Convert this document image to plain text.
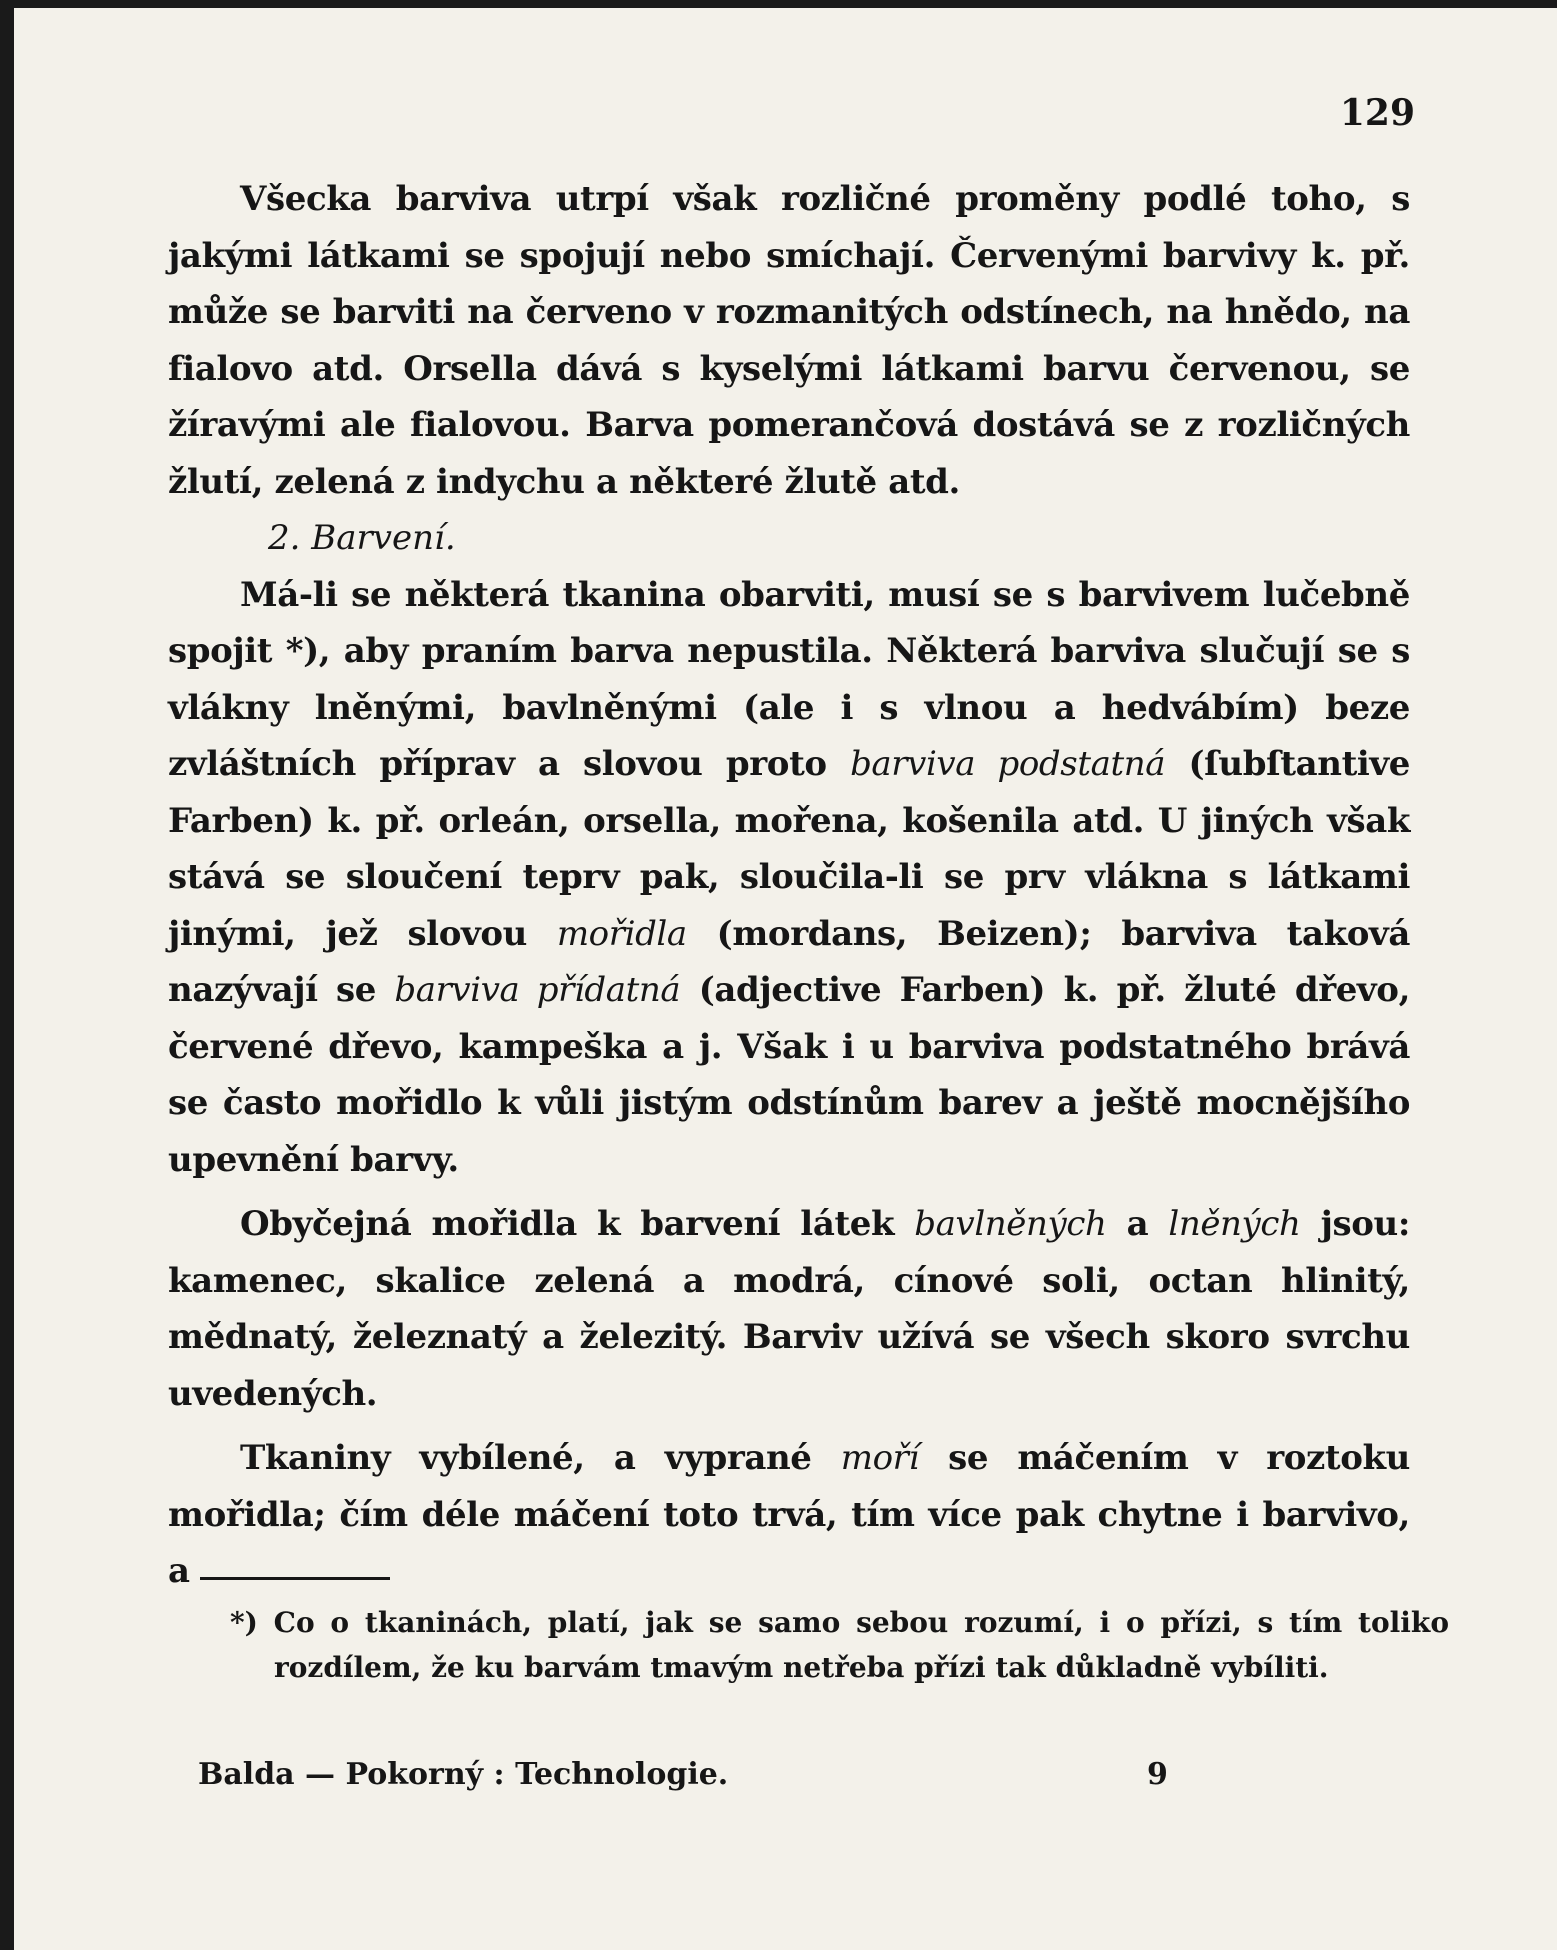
129

Všecka barviva utrpí však rozličné proměny podlé toho, s jakými látkami se spojují nebo smíchají. Červenými barvivy k. př. může se barviti na červeno v rozmanitých odstínech, na hnědo, na fialovo atd. Orsella dává s kyselými látkami barvu červenou, se žíravými ale fialovou. Barva pomerančová dostává se z rozličných žlutí, zelená z indychu a některé žlutě atd.

2. Barvení.

Má-li se některá tkanina obarviti, musí se s barvivem lučebně spojit *), aby praním barva nepustila. Některá barviva slučují se s vlákny lněnými, bavlněnými (ale i s vlnou a hedvábím) beze zvláštních příprav a slovou proto barviva podstatná (ſubſtantive Farben) k. př. orleán, orsella, mořena, košenila atd. U jiných však stává se sloučení teprv pak, sloučila-li se prv vlákna s látkami jinými, jež slovou mořidla (mordans, Beizen); barviva taková nazývají se barviva přídatná (adjective Farben) k. př. žluté dřevo, červené dřevo, kampeška a j. Však i u barviva podstatného brává se často mořidlo k vůli jistým odstínům barev a ještě mocnějšího upevnění barvy.

Obyčejná mořidla k barvení látek bavlněných a lněných jsou: kamenec, skalice zelená a modrá, cínové soli, octan hlinitý, mědnatý, železnatý a železitý. Barviv užívá se všech skoro svrchu uvedených.

Tkaniny vybílené, a vyprané moří se máčením v roztoku mořidla; čím déle máčení toto trvá, tím více pak chytne i barvivo, a

*) Co o tkaninách, platí, jak se samo sebou rozumí, i o přízi, s tím toliko rozdílem, že ku barvám tmavým netřeba přízi tak důkladně vybíliti.

Balda — Pokorný : Technologie.	9
